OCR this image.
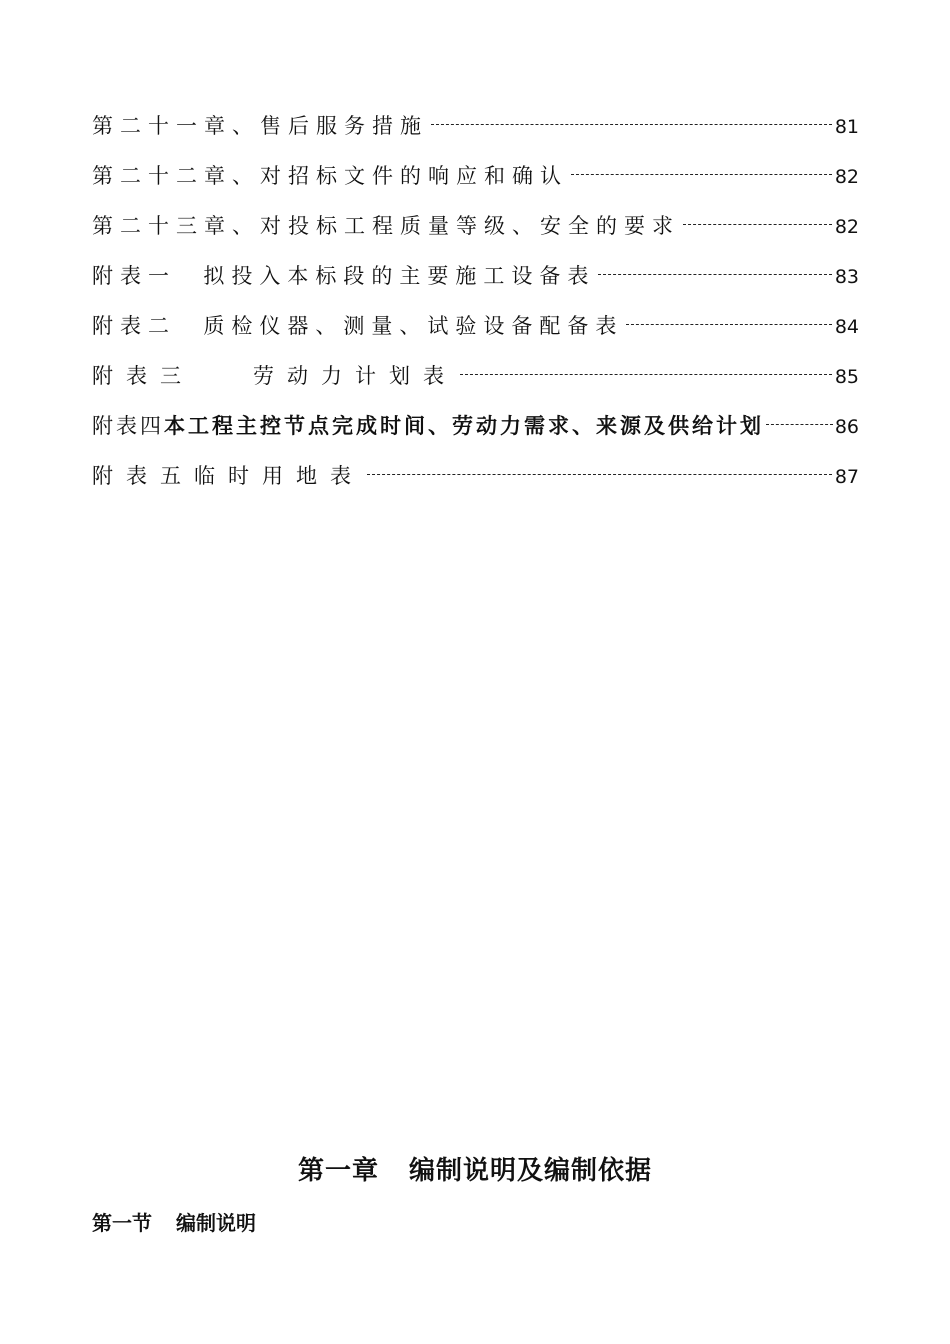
第二十一章、售后服务措施	81
第二十二章、对招标文件的响应和确认	82
第二十三章、对投标工程质量等级、安全的要求	82
附表一  拟投入本标段的主要施工设备表	83
附表二  质检仪器、测量、试验设备配备表	84
附表三   劳动力计划表	85
附表四本工程主控节点完成时间、劳动力需求、来源及供给计划	86
附表五临时用地表	87
第一章 编制说明及编制依据
第一节 编制说明
